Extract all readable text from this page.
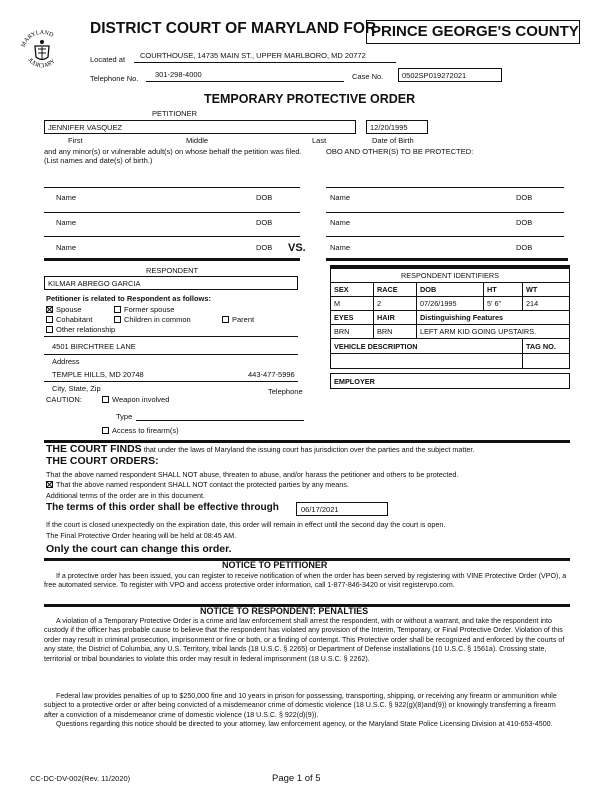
MARYLAND
JUDICIARY
DISTRICT COURT OF MARYLAND FOR
PRINCE GEORGE'S COUNTY
Located at COURTHOUSE, 14735 MAIN ST., UPPER MARLBORO, MD 20772
Telephone No. 301-298-4000	Case No.	0502SP019272021
TEMPORARY PROTECTIVE ORDER
PETITIONER
JENNIFER VASQUEZ	12/20/1995
First	Middle	Last	Date of Birth
and any minor(s) or vulnerable adult(s) on whose behalf the petition was filed. (List names and date(s) of birth.)
OBO AND OTHER(S) TO BE PROTECTED:
Name	DOB	Name	DOB
Name	DOB	Name	DOB
Name	DOB VS.	Name	DOB
RESPONDENT
KILMAR ABREGO GARCIA
Petitioner is related to Respondent as follows:
Spouse	Former spouse
Cohabitant	Children in common	Parent
Other relationship
4501 BIRCHTREE LANE
Address
TEMPLE HILLS, MD 20748	443-477-5996
City, State, Zip	Telephone
CAUTION:	Weapon involved
Type
Access to firearm(s)
RESPONDENT IDENTIFIERS				
SEX	RACE	DOB	HT	WT
M	2	07/26/1995	5' 6"	214
EYES	HAIR	Distinguishing Features		
BRN	BRN	LEFT ARM KID GOING UPSTAIRS.		
VEHICLE DESCRIPTION				TAG NO.

EMPLOYER				
THE COURT FINDS that under the laws of Maryland the issuing court has jurisdiction over the parties and the subject matter.
THE COURT ORDERS:
That the above named respondent SHALL NOT abuse, threaten to abuse, and/or harass the petitioner and others to be protected.
That the above named respondent SHALL NOT contact the protected parties by any means.
Additional terms of the order are in this document.
The terms of this order shall be effective through	06/17/2021
If the court is closed unexpectedly on the expiration date, this order will remain in effect until the second day the court is open.
The Final Protective Order hearing will be held at 08:45 AM.
Only the court can change this order.
NOTICE TO PETITIONER
If a protective order has been issued, you can register to receive notification of when the order has been served by registering with VINE Protective Order (VPO), a free automated service. To register with VPO and access protective order information, call 1-877-846-3420 or visit registervpo.com.
NOTICE TO RESPONDENT: PENALTIES
A violation of a Temporary Protective Order is a crime and law enforcement shall arrest the respondent, with or without a warrant, and take the respondent into custody if the officer has probable cause to believe that the respondent has violated any provision of the Interim, Temporary, or Final Protective Order. Violation of this order may result in criminal prosecution, imprisonment or fine or both, or a finding of contempt. This Protective order shall be recognized and enforced by the courts of any state, the District of Columbia, any U.S. Territory, tribal lands (18 U.S.C. § 2265) or Department of Defense installations (10 U.S.C. § 1561a). Crossing state, territorial or tribal boundaries to violate this order may result in federal imprisonment (18 U.S.C. § 2262).
Federal law provides penalties of up to $250,000 fine and 10 years in prison for possessing, transporting, shipping, or receiving any firearm or ammunition while subject to a protective order or after being convicted of a misdemeanor crime of domestic violence (18 U.S.C. § 922(g)(8)and(9)) or knowingly transferring a firearm after a conviction of a misdemeanor crime of domestic violence (18 U.S.C. § 922(d)(9)).
Questions regarding this notice should be directed to your attorney, law enforcement agency, or the Maryland State Police Licensing Division at 410-653-4500.
CC-DC-DV-002(Rev. 11/2020)	Page 1 of 5
